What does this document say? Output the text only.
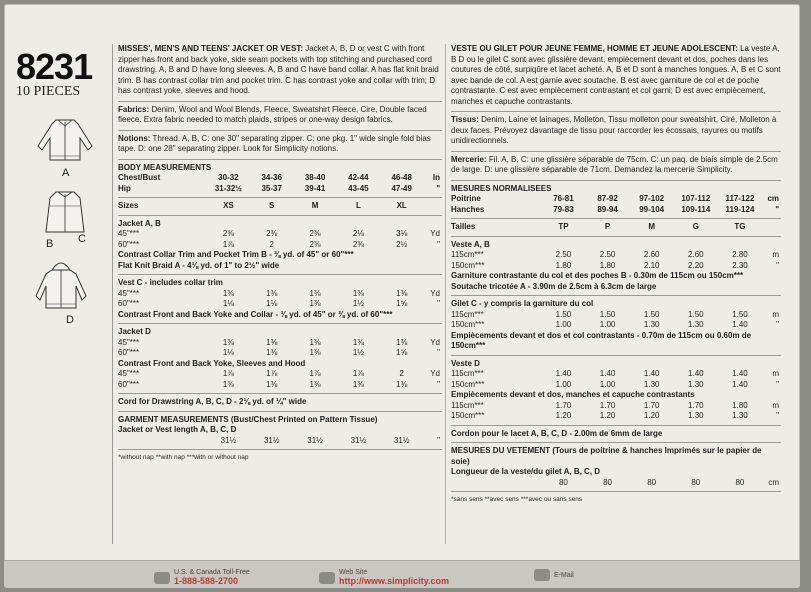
8231
10 PIECES
A
B C
D
MISSES', MEN'S AND TEENS' JACKET OR VEST: Jacket A, B, D or vest C with front zipper has front and back yoke, side seam pockets with top stitching and purchased cord drawstring. A, B and D have long sleeves. A, B and C have band collar. A has flat knit braid trim. B has contrast collar trim and pocket trim. C has contrast yoke and collar with trim; D has contrast yoke, sleeves and hood.
Fabrics: Denim, Wool and Wool Blends, Fleece, Sweatshirt Fleece, Cire, Double faced fleece. Extra fabric needed to match plaids, stripes or one-way design fabrics.
Notions: Thread. A, B, C: one 30" separating zipper. C: one pkg. 1" wide single fold bias tape. D: one 28" separating zipper. Look for Simplicity notions.
BODY MEASUREMENTS
Chest/Bust	30-32	34-36	38-40	42-44	46-48	In
Hip	31-32½	35-37	39-41	43-45	47-49	"
Sizes	XS	S	M	L	XL	
Jacket A, B
45"***	2⅜	2⅜	2⅜	2⅛	3⅛	Yd
60"***	1⅞	2	2⅜	2⅜	2½	"
Contrast Collar Trim and Pocket Trim B - ⅜ yd. of 45" or 60"***
Flat Knit Braid A - 4⅛ yd. of 1" to 2½" wide
Vest C - includes collar trim
45"***	1⅜	1⅜	1⅜	1⅜	1⅜	Yd
60"***	1⅛	1⅛	1⅜	1½	1⅝	"
Contrast Front and Back Yoke and Collar - ⅜ yd. of 45" or ⅜ yd. of 60"***
Jacket D
45"***	1⅜	1⅜	1⅜	1⅜	1⅜	Yd
60"***	1⅛	1⅜	1⅜	1½	1⅝	"
Contrast Front and Back Yoke, Sleeves and Hood
45"***	1⅞	1⅞	1⅞	1⅞	2	Yd
60"***	1⅜	1⅜	1⅜	1⅜	1⅜	"
Cord for Drawstring A, B, C, D - 2⅛ yd. of ¼" wide
GARMENT MEASUREMENTS (Bust/Chest Printed on Pattern Tissue)
Jacket or Vest length A, B, C, D
	31½	31½	31½	31½	31½	"
*without nap **with nap ***with or without nap
VESTE OU GILET POUR JEUNE FEMME, HOMME ET JEUNE ADOLESCENT: La veste A, B D ou le gilet C sont avec glissière devant, empiècement devant et dos, poches dans les coutures de côté, surpiqûre et lacet acheté. A, B et D sont à manches longues. A, B et C sont avec bande de col. A est garnie avec soutache. B est avec garniture de col et de poche contrastante. C est avec empiècement contrastant et col garni; D est avec empiècement, manches et capuche contrastants.
Tissus: Denim, Laine et lainages, Molleton, Tissu molleton pour sweatshirt, Ciré, Molleton à deux faces. Prévoyez davantage de tissu pour raccorder les écossais, rayures ou motifs unidirectionnels.
Mercerie: Fil. A, B, C: une glissière séparable de 75cm. C: un paq. de biais simple de 2.5cm de large. D: une glissière séparable de 71cm. Demandez la mercerie Simplicity.
MESURES NORMALISEES
Poitrine	76-81	87-92	97-102	107-112	117-122	cm
Hanches	79-83	89-94	99-104	109-114	119-124	"
Tailles	TP	P	M	G	TG	
Veste A, B
115cm***	2.50	2.50	2.60	2.60	2.80	m
150cm***	1.80	1.80	2.10	2.20	2.30	"
Garniture contrastante du col et des poches B - 0.30m de 115cm ou 150cm***
Soutache tricotée A - 3.90m de 2.5cm à 6.3cm de large
Gilet C - y compris la garniture du col
115cm***	1.50	1.50	1.50	1.50	1.50	m
150cm***	1.00	1.00	1.30	1.30	1.40	"
Empiècements devant et dos et col contrastants - 0.70m de 115cm ou 0.60m de 150cm***
Veste D
115cm***	1.40	1.40	1.40	1.40	1.40	m
150cm***	1.00	1.00	1.30	1.30	1.40	"
Empiècements devant et dos, manches et capuche contrastants
115cm***	1.70	1.70	1.70	1.70	1.80	m
150cm***	1.20	1.20	1.20	1.30	1.30	"
Cordon pour le lacet A, B, C, D - 2.00m de 6mm de large
MESURES DU VETEMENT (Tours de poitrine & hanches Imprimés sur le papier de soie)
Longueur de la veste/du gilet A, B, C, D
	80	80	80	80	80	cm
*sans sens **avec sens ***avec ou sans sens
U.S. & Canada Toll-Free
1-888-588-2700
Web Site
http://www.simplicity.com
E-Mail
